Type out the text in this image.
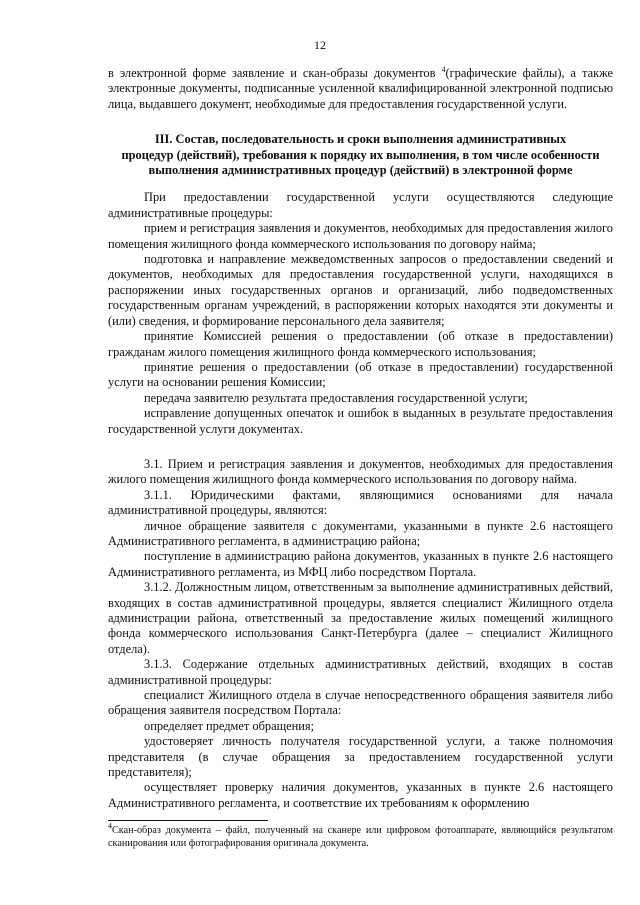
12

в электронной форме заявление и скан-образы документов $^4$(графические файлы), а также электронные документы, подписанные усиленной квалифицированной электронной подписью лица, выдавшего документ, необходимые для предоставления государственной услуги.

III. Состав, последовательность и сроки выполнения административных

процедур (действий), требования к порядку их выполнения, в том числе особенности

выполнения административных процедур (действий) в электронной форме

При предоставлении государственной услуги осуществляются следующие административные процедуры:

прием и регистрация заявления и документов, необходимых для предоставления жилого помещения жилищного фонда коммерческого использования по договору найма;

подготовка и направление межведомственных запросов о предоставлении сведений и документов, необходимых для предоставления государственной услуги, находящихся в распоряжении иных государственных органов и организаций, либо подведомственных государственным органам учреждений, в распоряжении которых находятся эти документы и (или) сведения, и формирование персонального дела заявителя;

принятие Комиссией решения о предоставлении (об отказе в предоставлении) гражданам жилого помещения жилищного фонда коммерческого использования;

принятие решения о предоставлении (об отказе в предоставлении) государственной услуги на основании решения Комиссии;

передача заявителю результата предоставления государственной услуги;

исправление допущенных опечаток и ошибок в выданных в результате предоставления государственной услуги документах.

3.1. Прием и регистрация заявления и документов, необходимых для предоставления жилого помещения жилищного фонда коммерческого использования по договору найма.

3.1.1. Юридическими фактами, являющимися основаниями для начала административной процедуры, являются:

личное обращение заявителя с документами, указанными в пункте 2.6 настоящего Административного регламента, в администрацию района;

поступление в администрацию района документов, указанных в пункте 2.6 настоящего Административного регламента, из МФЦ либо посредством Портала.

3.1.2. Должностным лицом, ответственным за выполнение административных действий, входящих в состав административной процедуры, является специалист Жилищного отдела администрации района, ответственный за предоставление жилых помещений жилищного фонда коммерческого использования Санкт-Петербурга (далее – специалист Жилищного отдела).

3.1.3. Содержание отдельных административных действий, входящих в состав административной процедуры:

специалист Жилищного отдела в случае непосредственного обращения заявителя либо обращения заявителя посредством Портала:

определяет предмет обращения;

удостоверяет личность получателя государственной услуги, а также полномочия представителя (в случае обращения за предоставлением государственной услуги представителя);

осуществляет проверку наличия документов, указанных в пункте 2.6 настоящего Административного регламента, и соответствие их требованиям к оформлению

$^4$Скан-образ документа – файл, полученный на сканере или цифровом фотоаппарате, являющийся результатом сканирования или фотографирования оригинала документа.
